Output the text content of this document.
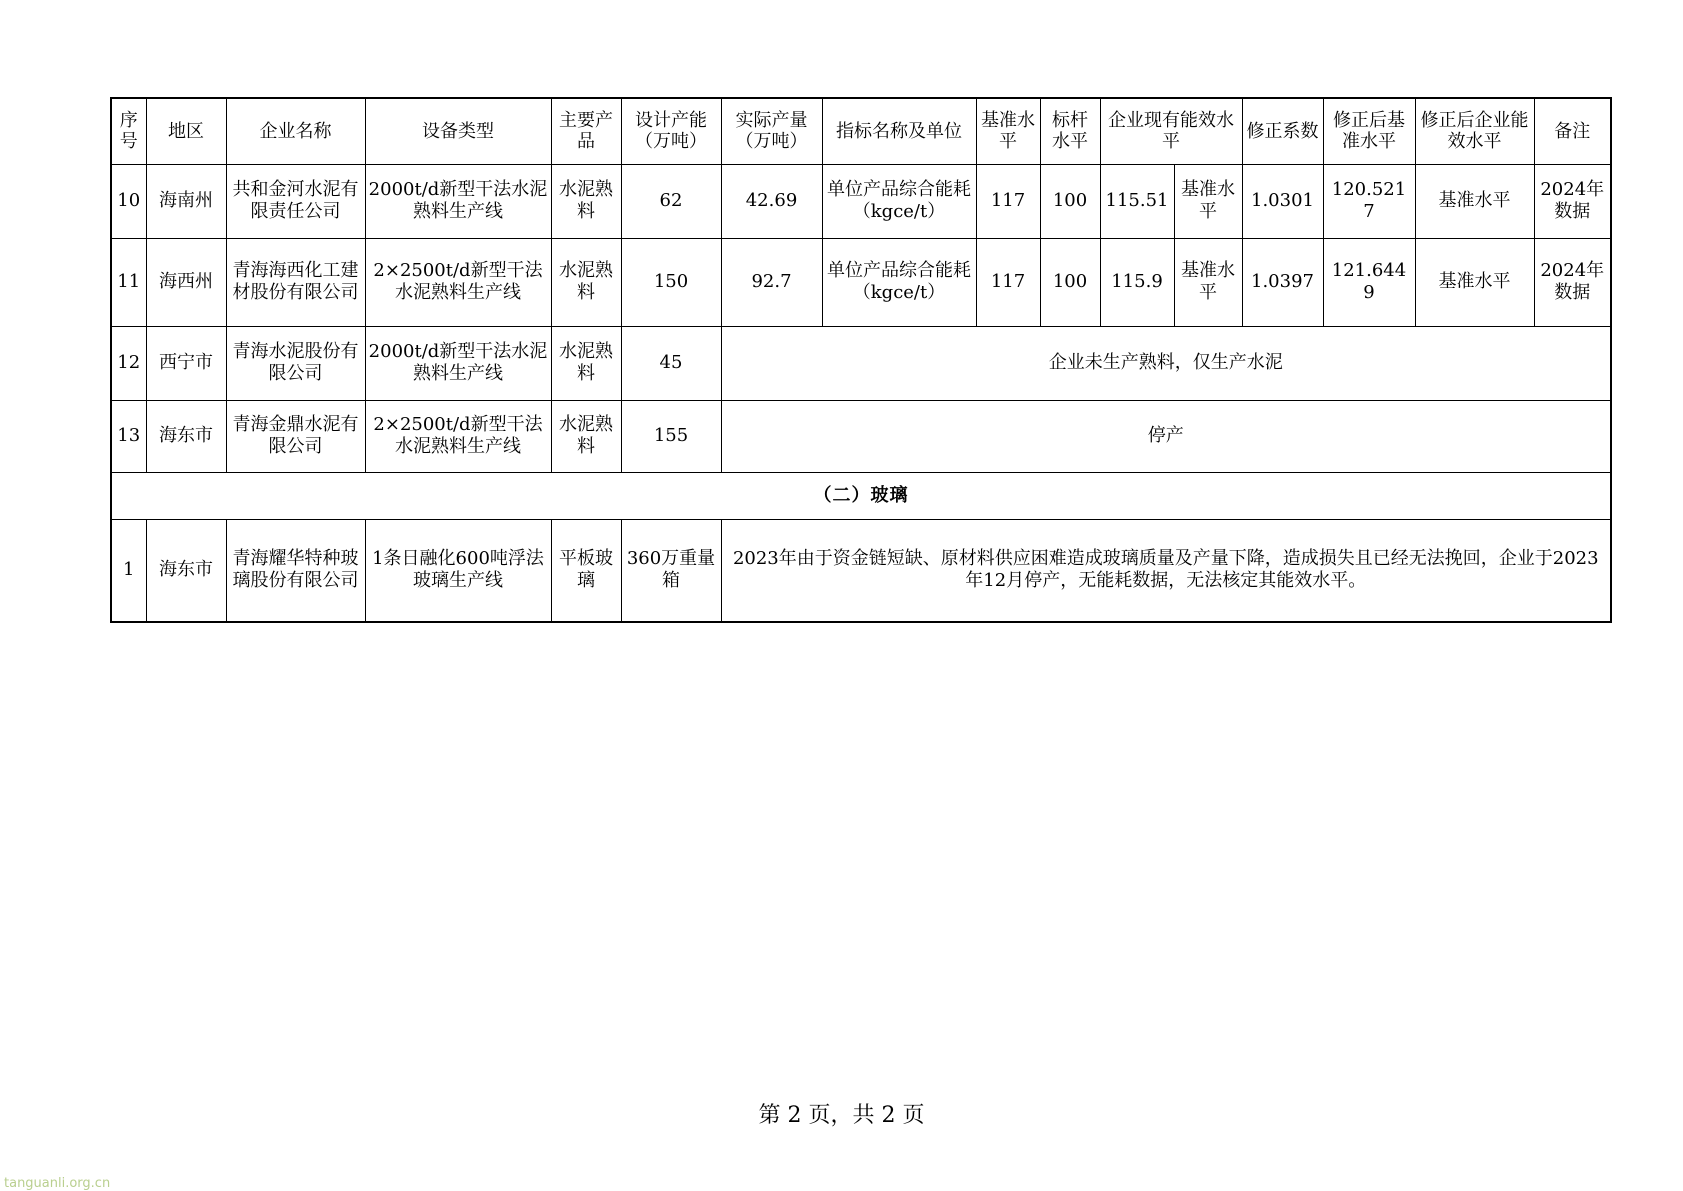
序号	地区	企业名称	设备类型	主要产品	设计产能（万吨）	实际产量（万吨）	指标名称及单位	基准水平	标杆水平	企业现有能效水平		修正系数	修正后基准水平	修正后企业能效水平	备注
10	海南州	共和金河水泥有限责任公司	2000t/d新型干法水泥熟料生产线	水泥熟料	62	42.69	单位产品综合能耗（kgce/t）	117	100	115.51	基准水平	1.0301	120.5217	基准水平	2024年数据
11	海西州	青海海西化工建材股份有限公司	2×2500t/d新型干法水泥熟料生产线	水泥熟料	150	92.7	单位产品综合能耗（kgce/t）	117	100	115.9	基准水平	1.0397	121.6449	基准水平	2024年数据
12	西宁市	青海水泥股份有限公司	2000t/d新型干法水泥熟料生产线	水泥熟料	45	企业未生产熟料，仅生产水泥									
13	海东市	青海金鼎水泥有限公司	2×2500t/d新型干法水泥熟料生产线	水泥熟料	155	停产									
（二）玻璃															
1	海东市	青海耀华特种玻璃股份有限公司	1条日融化600吨浮法玻璃生产线	平板玻璃	360万重量箱	2023年由于资金链短缺、原材料供应困难造成玻璃质量及产量下降，造成损失且已经无法挽回，企业于2023年12月停产，无能耗数据，无法核定其能效水平。									
第 2 页，共 2 页
tanguanli.org.cn
